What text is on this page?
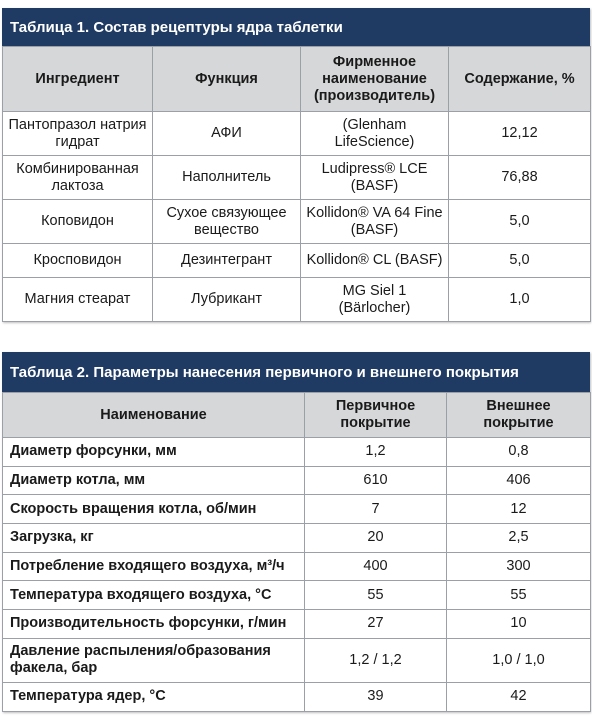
Таблица 1. Состав рецептуры ядра таблетки
Ингредиент	Функция	Фирменное наименование (производитель)	Содержание, %
Пантопразол натрия гидрат	АФИ	(Glenham LifeScience)	12,12
Комбинированная лактоза	Наполнитель	Ludipress® LCE (BASF)	76,88
Коповидон	Сухое связующее вещество	Kollidon® VA 64 Fine (BASF)	5,0
Кросповидон	Дезинтегрант	Kollidon® CL (BASF)	5,0
Магния стеарат	Лубрикант	MG Siel 1 (Bärlocher)	1,0
Таблица 2. Параметры нанесения первичного и внешнего покрытия
Наименование	Первичное покрытие	Внешнее покрытие
Диаметр форсунки, мм	1,2	0,8
Диаметр котла, мм	610	406
Скорость вращения котла, об/мин	7	12
Загрузка, кг	20	2,5
Потребление входящего воздуха, м³/ч	400	300
Температура входящего воздуха, °С	55	55
Производительность форсунки, г/мин	27	10
Давление распыления/образования факела, бар	1,2 / 1,2	1,0 / 1,0
Температура ядер, °С	39	42
